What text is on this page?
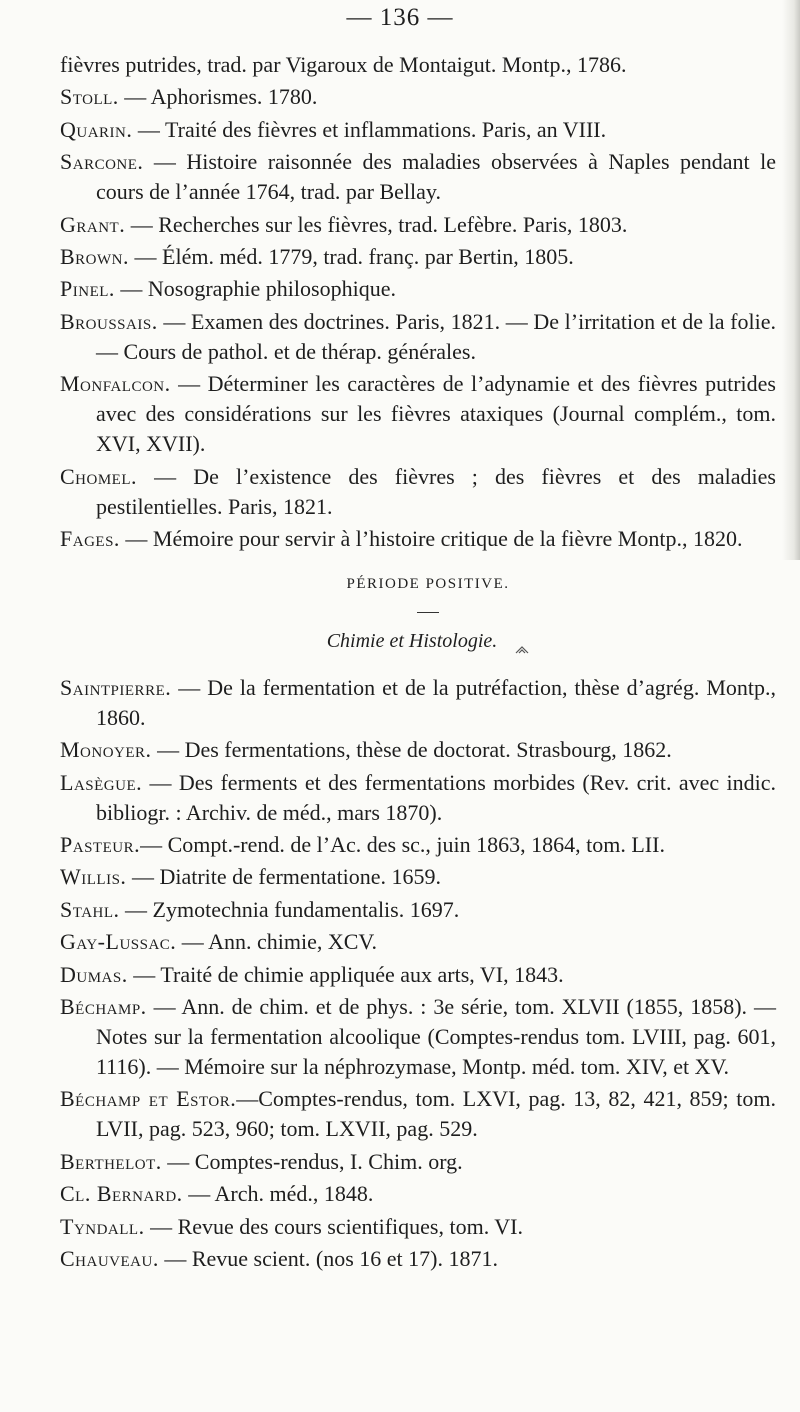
— 136 —

fièvres putrides, trad. par Vigaroux de Montaigut. Montp., 1786.

Stoll. — Aphorismes. 1780.

Quarin. — Traité des fièvres et inflammations. Paris, an VIII.

Sarcone. — Histoire raisonnée des maladies observées à Naples pendant le cours de l’année 1764, trad. par Bellay.

Grant. — Recherches sur les fièvres, trad. Lefèbre. Paris, 1803.

Brown. — Élém. méd. 1779, trad. franç. par Bertin, 1805.

Pinel. — Nosographie philosophique.

Broussais. — Examen des doctrines. Paris, 1821. — De l’irritation et de la folie. — Cours de pathol. et de thérap. générales.

Monfalcon. — Déterminer les caractères de l’adynamie et des fièvres putrides avec des considérations sur les fièvres ataxiques (Journal complém., tom. XVI, XVII).

Chomel. — De l’existence des fièvres ; des fièvres et des maladies pestilentielles. Paris, 1821.

Fages. — Mémoire pour servir à l’histoire critique de la fièvre Montp., 1820.

PÉRIODE POSITIVE.
Chimie et Histologie.

Saintpierre. — De la fermentation et de la putréfaction, thèse d’agrég. Montp., 1860.

Monoyer. — Des fermentations, thèse de doctorat. Strasbourg, 1862.

Lasègue. — Des ferments et des fermentations morbides (Rev. crit. avec indic. bibliogr. : Archiv. de méd., mars 1870).

Pasteur.— Compt.-rend. de l’Ac. des sc., juin 1863, 1864, tom. LII.

Willis. — Diatrite de fermentatione. 1659.

Stahl. — Zymotechnia fundamentalis. 1697.

Gay-Lussac. — Ann. chimie, XCV.

Dumas. — Traité de chimie appliquée aux arts, VI, 1843.

Béchamp. — Ann. de chim. et de phys. : 3e série, tom. XLVII (1855, 1858). — Notes sur la fermentation alcoolique (Comptes-rendus tom. LVIII, pag. 601, 1116). — Mémoire sur la néphrozymase, Montp. méd. tom. XIV, et XV.

Béchamp et Estor.—Comptes-rendus, tom. LXVI, pag. 13, 82, 421, 859; tom. LVII, pag. 523, 960; tom. LXVII, pag. 529.

Berthelot. — Comptes-rendus, I. Chim. org.

Cl. Bernard. — Arch. méd., 1848.

Tyndall. — Revue des cours scientifiques, tom. VI.

Chauveau. — Revue scient. (nos 16 et 17). 1871.
